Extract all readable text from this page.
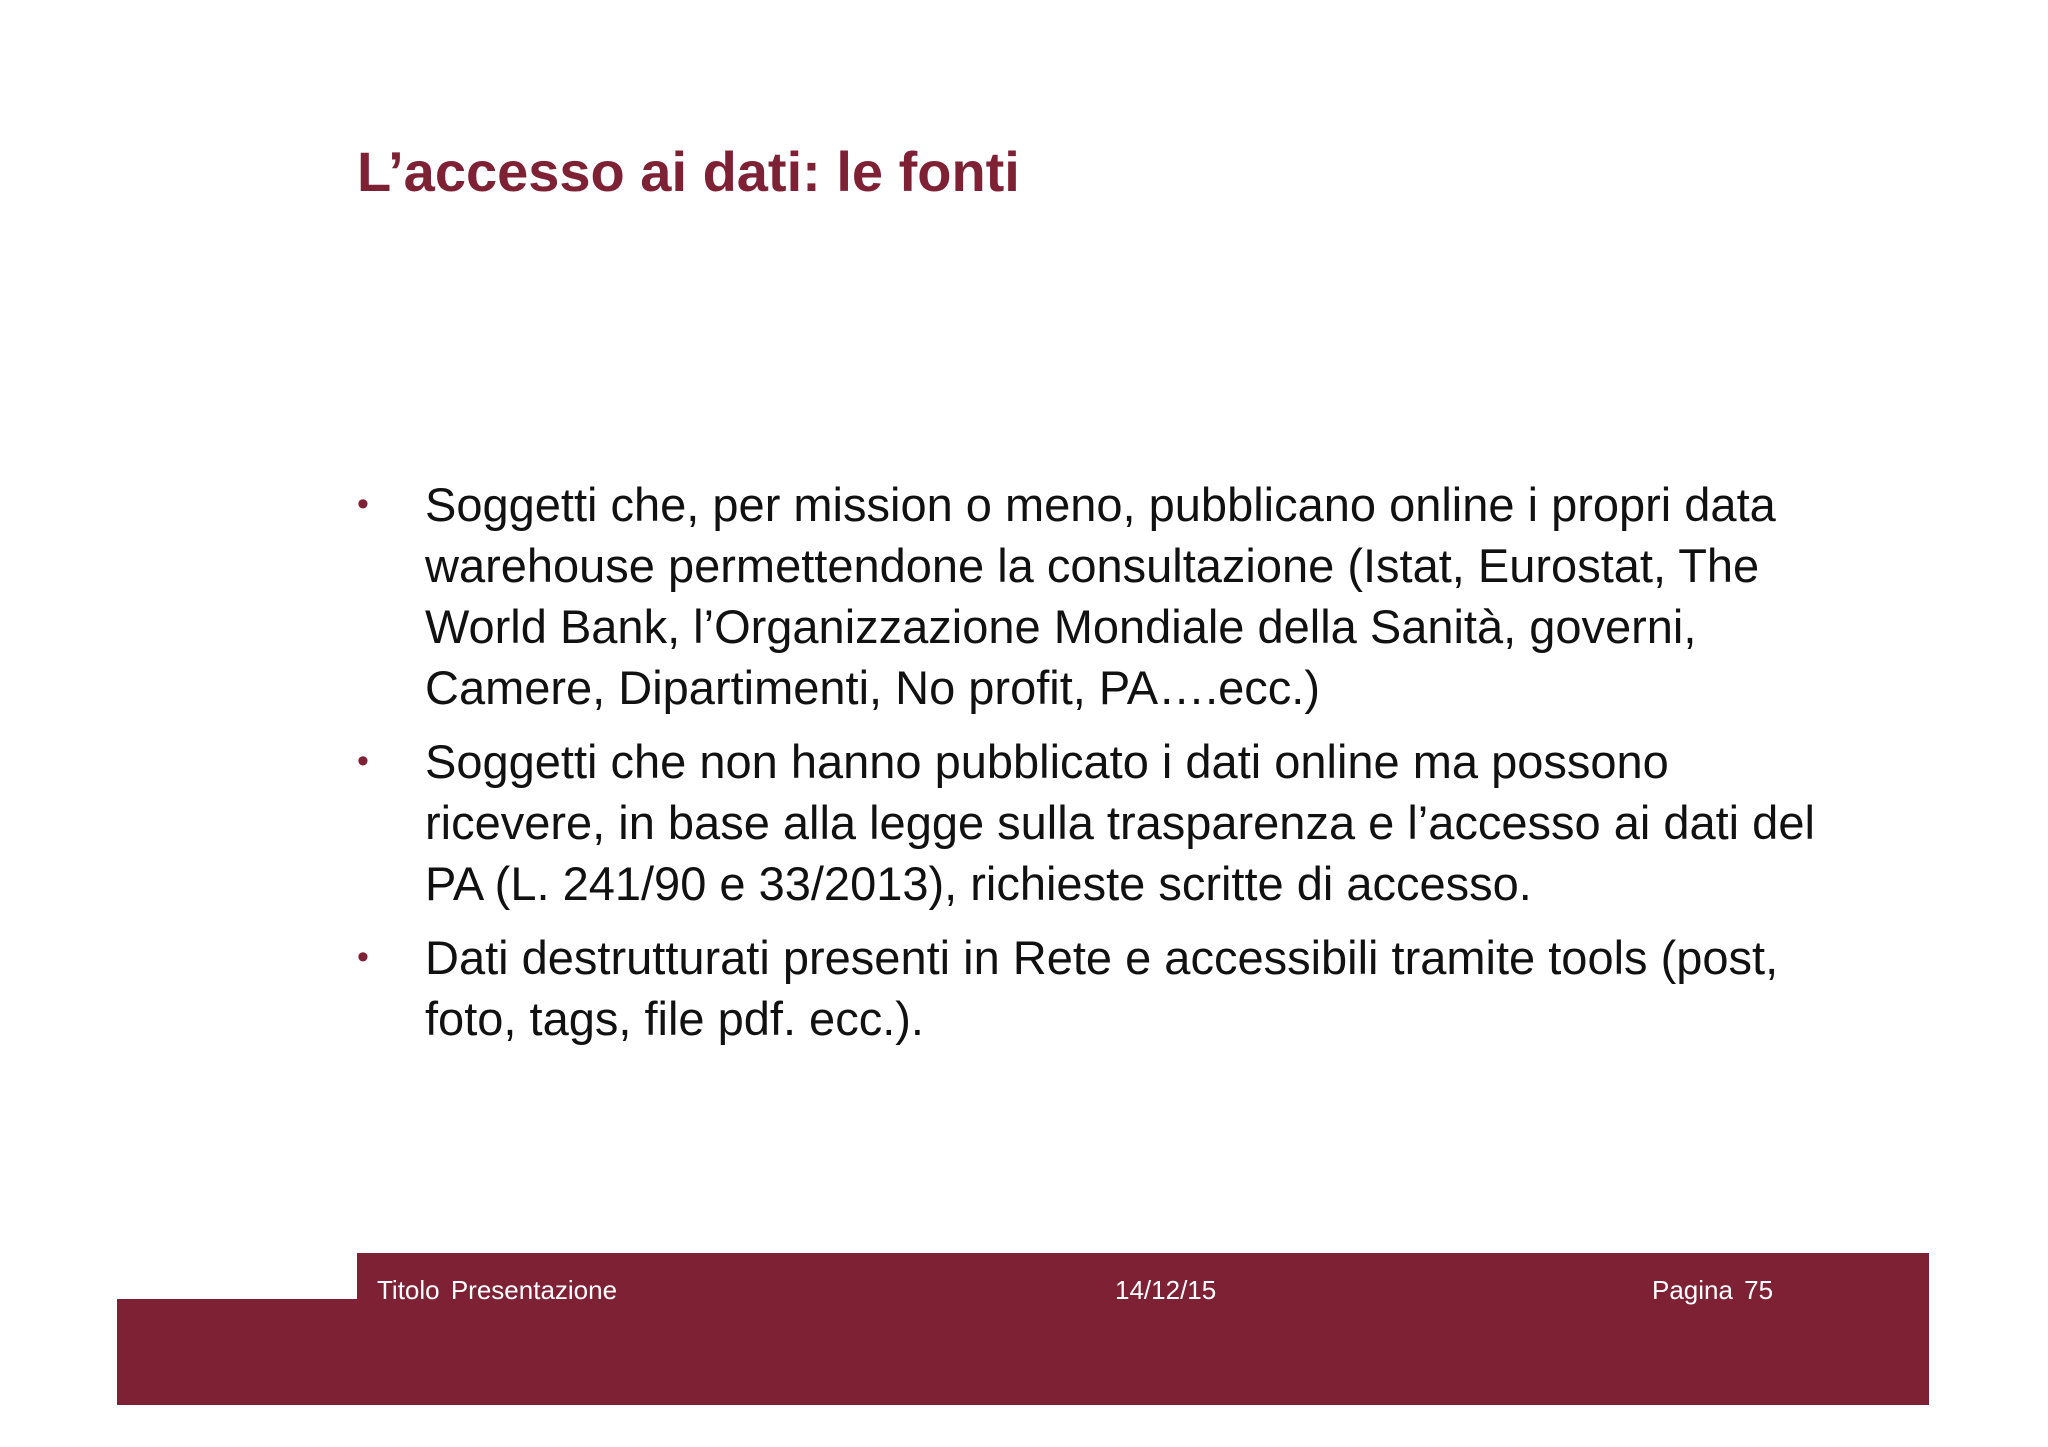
L’accesso ai dati: le fonti
• Soggetti che, per mission o meno, pubblicano online i propri data warehouse permettendone la consultazione (Istat, Eurostat, The World Bank, l’Organizzazione Mondiale della Sanità, governi, Camere, Dipartimenti, No profit, PA….ecc.)
• Soggetti che non hanno pubblicato i dati online ma possono ricevere, in base alla legge sulla trasparenza e l’accesso ai dati del PA (L. 241/90 e 33/2013), richieste scritte di accesso.
• Dati destrutturati presenti in Rete e accessibili tramite tools (post, foto, tags, file pdf. ecc.).
Titolo Presentazione	14/12/15	Pagina 75
